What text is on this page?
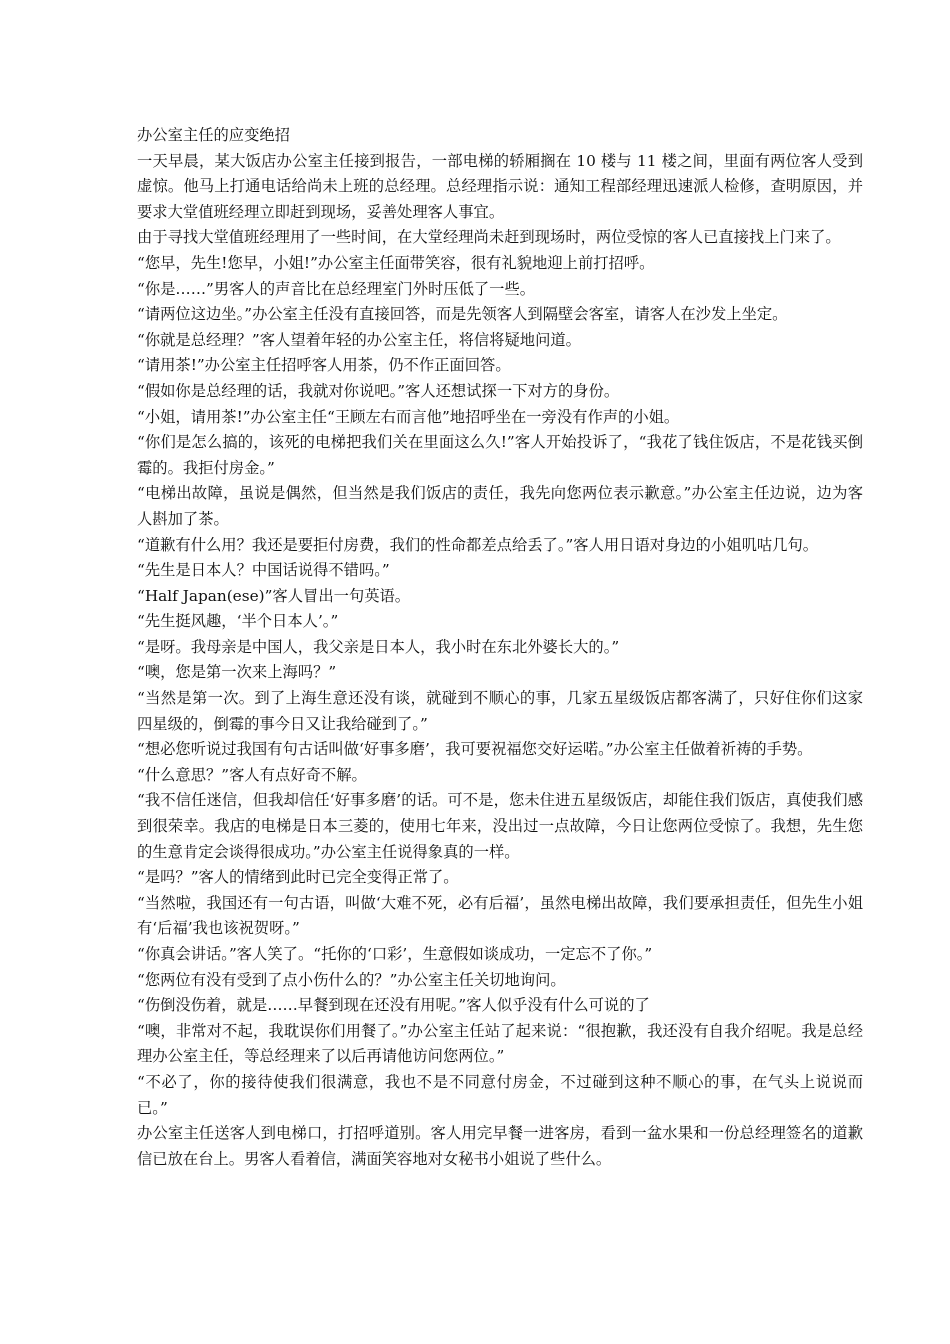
办公室主任的应变绝招

一天早晨，某大饭店办公室主任接到报告，一部电梯的轿厢搁在 10 楼与 11 楼之间，里面有两位客人受到虚惊。他马上打通电话给尚未上班的总经理。总经理指示说：通知工程部经理迅速派人检修，查明原因，并要求大堂值班经理立即赶到现场，妥善处理客人事宜。

由于寻找大堂值班经理用了一些时间，在大堂经理尚未赶到现场时，两位受惊的客人已直接找上门来了。

“您早，先生!您早，小姐!”办公室主任面带笑容，很有礼貌地迎上前打招呼。

“你是……”男客人的声音比在总经理室门外时压低了一些。

“请两位这边坐。”办公室主任没有直接回答，而是先领客人到隔壁会客室，请客人在沙发上坐定。

“你就是总经理？”客人望着年轻的办公室主任，将信将疑地问道。

“请用茶!”办公室主任招呼客人用茶，仍不作正面回答。

“假如你是总经理的话，我就对你说吧。”客人还想试探一下对方的身份。

“小姐，请用茶!”办公室主任“王顾左右而言他”地招呼坐在一旁没有作声的小姐。

“你们是怎么搞的，该死的电梯把我们关在里面这么久!”客人开始投诉了，“我花了钱住饭店，不是花钱买倒霉的。我拒付房金。”

“电梯出故障，虽说是偶然，但当然是我们饭店的责任，我先向您两位表示歉意。”办公室主任边说，边为客人斟加了茶。

“道歉有什么用？我还是要拒付房费，我们的性命都差点给丢了。”客人用日语对身边的小姐叽咕几句。

“先生是日本人？中国话说得不错吗。”

“Half Japan(ese)”客人冒出一句英语。

“先生挺风趣，‘半个日本人’。”

“是呀。我母亲是中国人，我父亲是日本人，我小时在东北外婆长大的。”

“噢，您是第一次来上海吗？”

“当然是第一次。到了上海生意还没有谈，就碰到不顺心的事，几家五星级饭店都客满了，只好住你们这家四星级的，倒霉的事今日又让我给碰到了。”

“想必您听说过我国有句古话叫做‘好事多磨’，我可要祝福您交好运喏。”办公室主任做着祈祷的手势。

“什么意思？”客人有点好奇不解。

“我不信任迷信，但我却信任‘好事多磨’的话。可不是，您未住进五星级饭店，却能住我们饭店，真使我们感到很荣幸。我店的电梯是日本三菱的，使用七年来，没出过一点故障，今日让您两位受惊了。我想，先生您的生意肯定会谈得很成功。”办公室主任说得象真的一样。

“是吗？”客人的情绪到此时已完全变得正常了。

“当然啦，我国还有一句古语，叫做‘大难不死，必有后福’，虽然电梯出故障，我们要承担责任，但先生小姐有‘后福’我也该祝贺呀。”

“你真会讲话。”客人笑了。“托你的‘口彩’，生意假如谈成功，一定忘不了你。”

“您两位有没有受到了点小伤什么的？”办公室主任关切地询问。

“伤倒没伤着，就是……早餐到现在还没有用呢。”客人似乎没有什么可说的了

“噢，非常对不起，我耽误你们用餐了。”办公室主任站了起来说：“很抱歉，我还没有自我介绍呢。我是总经理办公室主任，等总经理来了以后再请他访问您两位。”

“不必了，你的接待使我们很满意，我也不是不同意付房金，不过碰到这种不顺心的事，在气头上说说而已。”

办公室主任送客人到电梯口，打招呼道别。客人用完早餐一进客房，看到一盆水果和一份总经理签名的道歉信已放在台上。男客人看着信，满面笑容地对女秘书小姐说了些什么。
